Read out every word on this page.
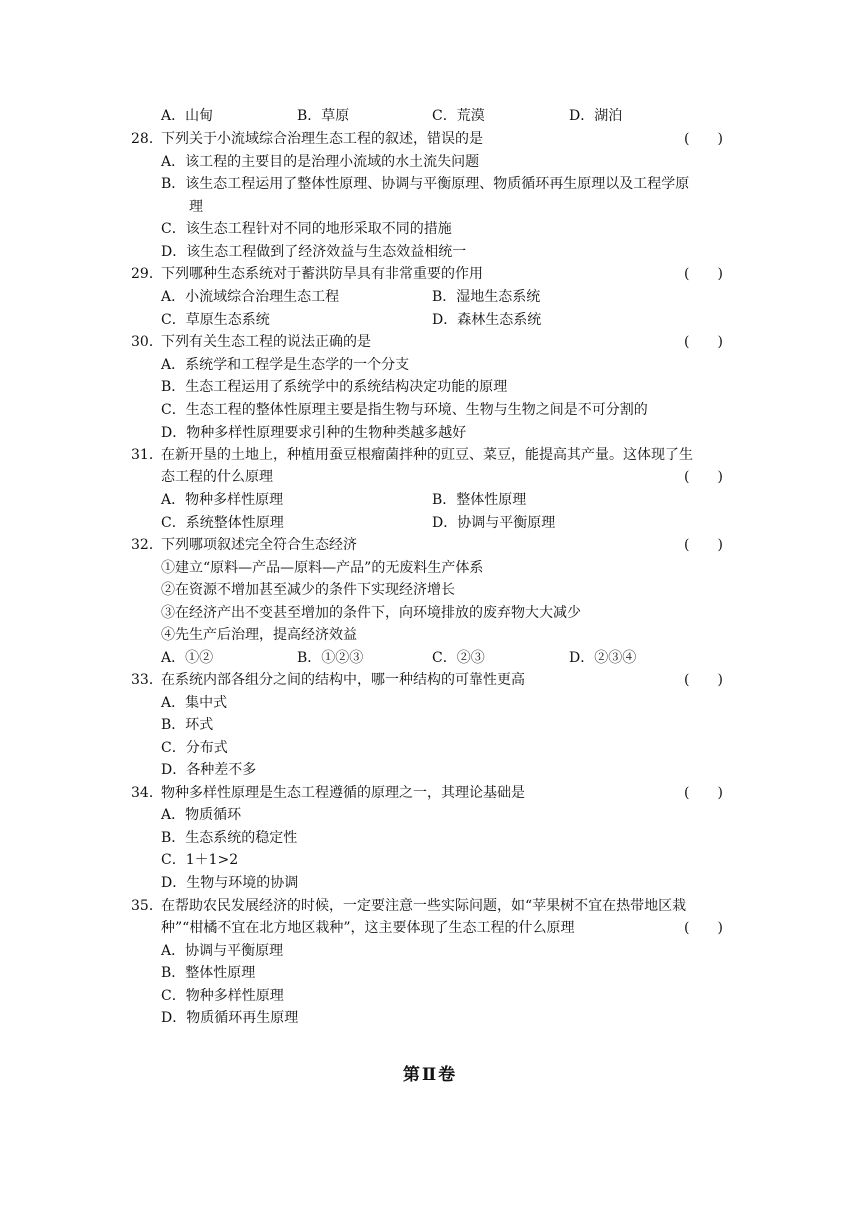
A．山甸	B．草原	C．荒漠	D．湖泊
28．
下列关于小流域综合治理生态工程的叙述，错误的是	(　　)
A．该工程的主要目的是治理小流域的水土流失问题
B．该生态工程运用了整体性原理、协调与平衡原理、物质循环再生原理以及工程学原
理
C．该生态工程针对不同的地形采取不同的措施
D．该生态工程做到了经济效益与生态效益相统一
29．
下列哪种生态系统对于蓄洪防旱具有非常重要的作用	(　　)
A．小流域综合治理生态工程	B．湿地生态系统
C．草原生态系统	D．森林生态系统
30．
下列有关生态工程的说法正确的是	(　　)
A．系统学和工程学是生态学的一个分支
B．生态工程运用了系统学中的系统结构决定功能的原理
C．生态工程的整体性原理主要是指生物与环境、生物与生物之间是不可分割的
D．物种多样性原理要求引种的生物种类越多越好
31．
在新开垦的土地上，种植用蚕豆根瘤菌拌种的豇豆、菜豆，能提高其产量。这体现了生
态工程的什么原理	(　　)
A．物种多样性原理	B．整体性原理
C．系统整体性原理	D．协调与平衡原理
32．
下列哪项叙述完全符合生态经济	(　　)
①建立“原料—产品—原料—产品”的无废料生产体系
②在资源不增加甚至减少的条件下实现经济增长
③在经济产出不变甚至增加的条件下，向环境排放的废弃物大大减少
④先生产后治理，提高经济效益
A．①②	B．①②③	C．②③	D．②③④
33．
在系统内部各组分之间的结构中，哪一种结构的可靠性更高	(　　)
A．集中式
B．环式
C．分布式
D．各种差不多
34．
物种多样性原理是生态工程遵循的原理之一，其理论基础是	(　　)
A．物质循环
B．生态系统的稳定性
C．1＋1>2
D．生物与环境的协调
35．
在帮助农民发展经济的时候，一定要注意一些实际问题，如“苹果树不宜在热带地区栽
种”“柑橘不宜在北方地区栽种”，这主要体现了生态工程的什么原理	(　　)
A．协调与平衡原理
B．整体性原理
C．物种多样性原理
D．物质循环再生原理
第Ⅱ卷
